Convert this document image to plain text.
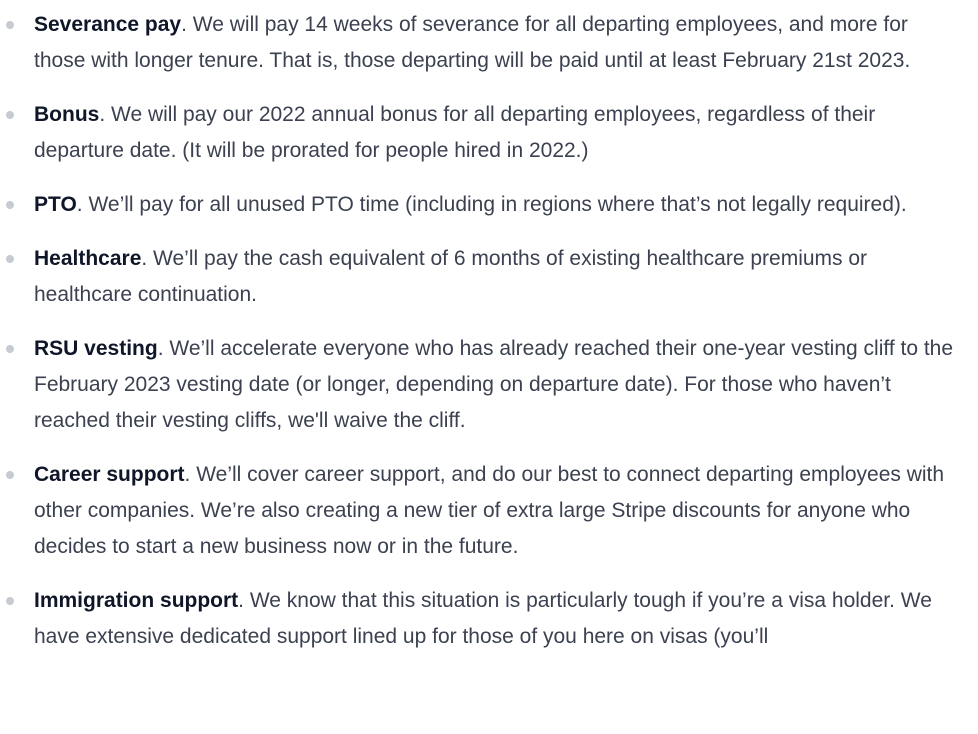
Severance pay. We will pay 14 weeks of severance for all departing employees, and more for those with longer tenure. That is, those departing will be paid until at least February 21st 2023.
Bonus. We will pay our 2022 annual bonus for all departing employees, regardless of their departure date. (It will be prorated for people hired in 2022.)
PTO. We’ll pay for all unused PTO time (including in regions where that’s not legally required).
Healthcare. We’ll pay the cash equivalent of 6 months of existing healthcare premiums or healthcare continuation.
RSU vesting. We’ll accelerate everyone who has already reached their one-year vesting cliff to the February 2023 vesting date (or longer, depending on departure date). For those who haven’t reached their vesting cliffs, we'll waive the cliff.
Career support. We’ll cover career support, and do our best to connect departing employees with other companies. We’re also creating a new tier of extra large Stripe discounts for anyone who decides to start a new business now or in the future.
Immigration support. We know that this situation is particularly tough if you’re a visa holder. We have extensive dedicated support lined up for those of you here on visas (you’ll
